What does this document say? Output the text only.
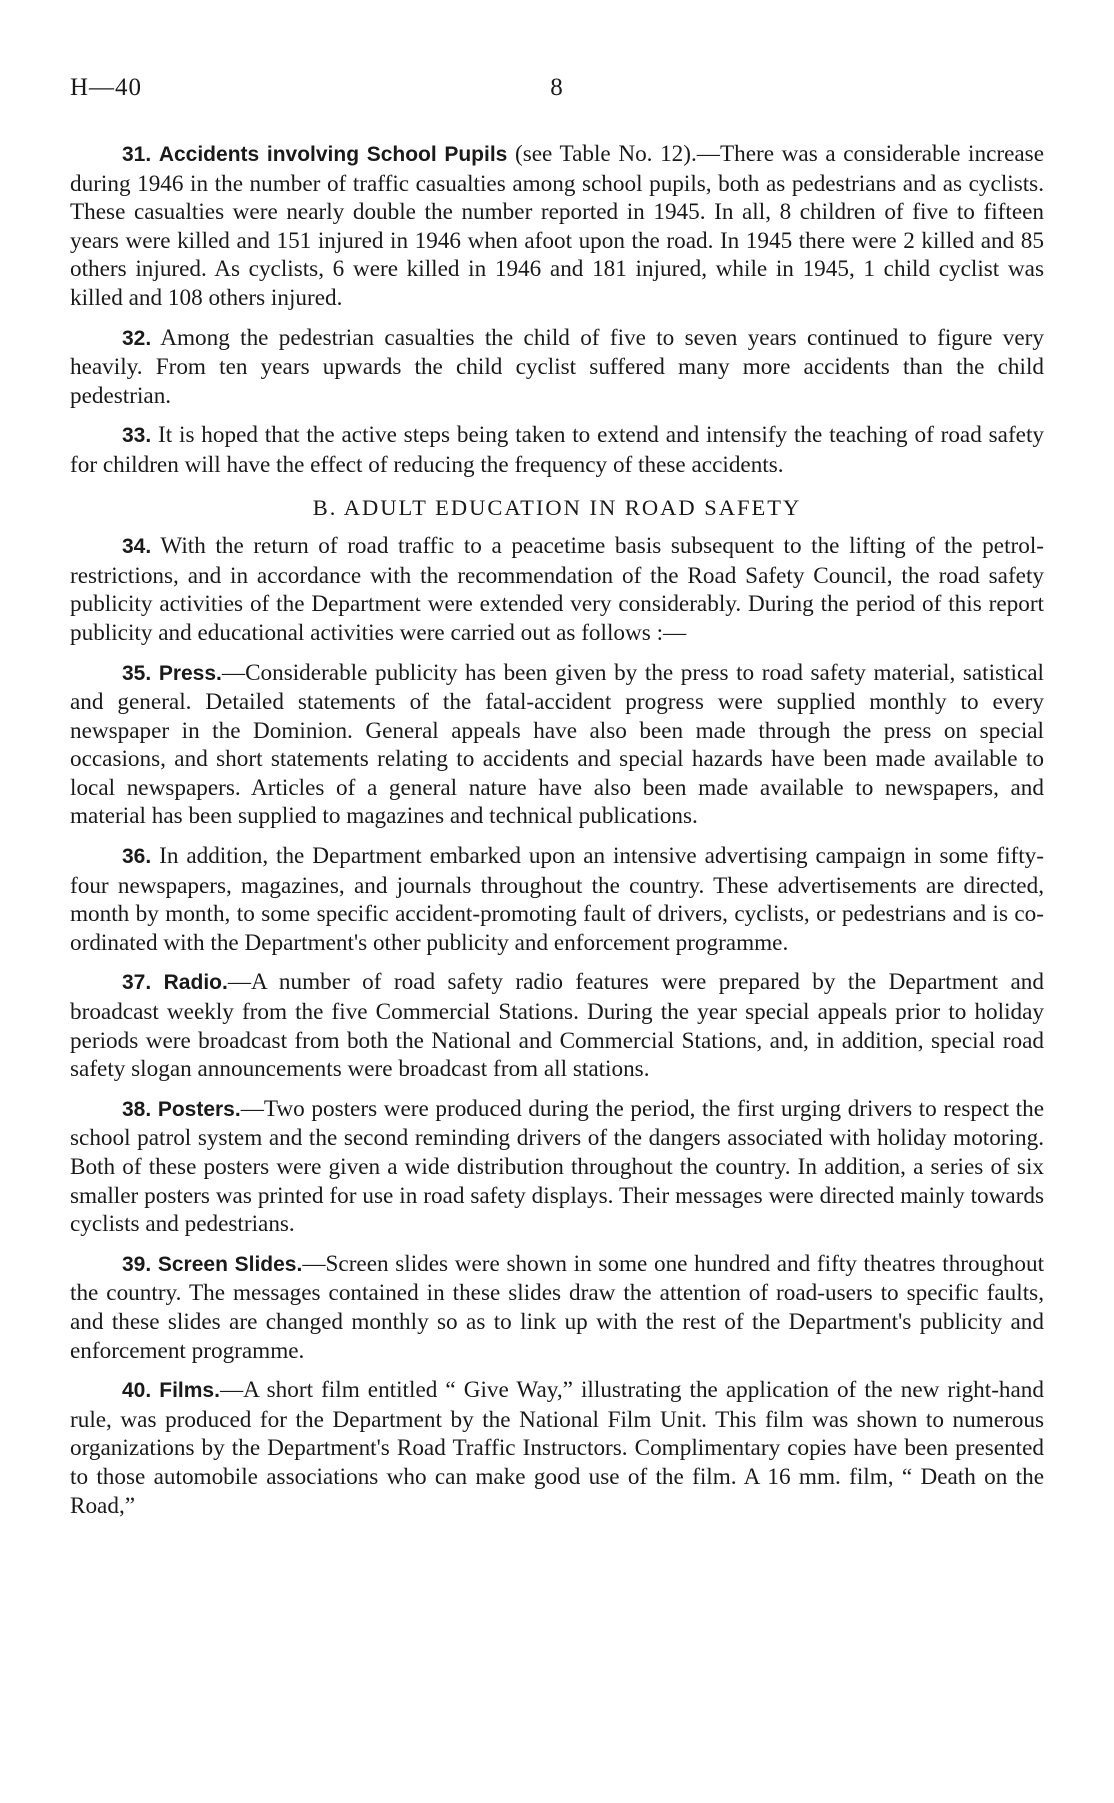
H—40	8

31. Accidents involving School Pupils (see Table No. 12).—There was a considerable increase during 1946 in the number of traffic casualties among school pupils, both as pedestrians and as cyclists. These casualties were nearly double the number reported in 1945. In all, 8 children of five to fifteen years were killed and 151 injured in 1946 when afoot upon the road. In 1945 there were 2 killed and 85 others injured. As cyclists, 6 were killed in 1946 and 181 injured, while in 1945, 1 child cyclist was killed and 108 others injured.

32. Among the pedestrian casualties the child of five to seven years continued to figure very heavily. From ten years upwards the child cyclist suffered many more accidents than the child pedestrian.

33. It is hoped that the active steps being taken to extend and intensify the teaching of road safety for children will have the effect of reducing the frequency of these accidents.

B. ADULT EDUCATION IN ROAD SAFETY

34. With the return of road traffic to a peacetime basis subsequent to the lifting of the petrol-restrictions, and in accordance with the recommendation of the Road Safety Council, the road safety publicity activities of the Department were extended very considerably. During the period of this report publicity and educational activities were carried out as follows :—

35. Press.—Considerable publicity has been given by the press to road safety material, satistical and general. Detailed statements of the fatal-accident progress were supplied monthly to every newspaper in the Dominion. General appeals have also been made through the press on special occasions, and short statements relating to accidents and special hazards have been made available to local newspapers. Articles of a general nature have also been made available to newspapers, and material has been supplied to magazines and technical publications.

36. In addition, the Department embarked upon an intensive advertising campaign in some fifty-four newspapers, magazines, and journals throughout the country. These advertisements are directed, month by month, to some specific accident-promoting fault of drivers, cyclists, or pedestrians and is co-ordinated with the Department's other publicity and enforcement programme.

37. Radio.—A number of road safety radio features were prepared by the Department and broadcast weekly from the five Commercial Stations. During the year special appeals prior to holiday periods were broadcast from both the National and Commercial Stations, and, in addition, special road safety slogan announcements were broadcast from all stations.

38. Posters.—Two posters were produced during the period, the first urging drivers to respect the school patrol system and the second reminding drivers of the dangers associated with holiday motoring. Both of these posters were given a wide distribution throughout the country. In addition, a series of six smaller posters was printed for use in road safety displays. Their messages were directed mainly towards cyclists and pedestrians.

39. Screen Slides.—Screen slides were shown in some one hundred and fifty theatres throughout the country. The messages contained in these slides draw the attention of road-users to specific faults, and these slides are changed monthly so as to link up with the rest of the Department's publicity and enforcement programme.

40. Films.—A short film entitled “ Give Way,” illustrating the application of the new right-hand rule, was produced for the Department by the National Film Unit. This film was shown to numerous organizations by the Department's Road Traffic Instructors. Complimentary copies have been presented to those automobile associations who can make good use of the film. A 16 mm. film, “ Death on the Road,”
